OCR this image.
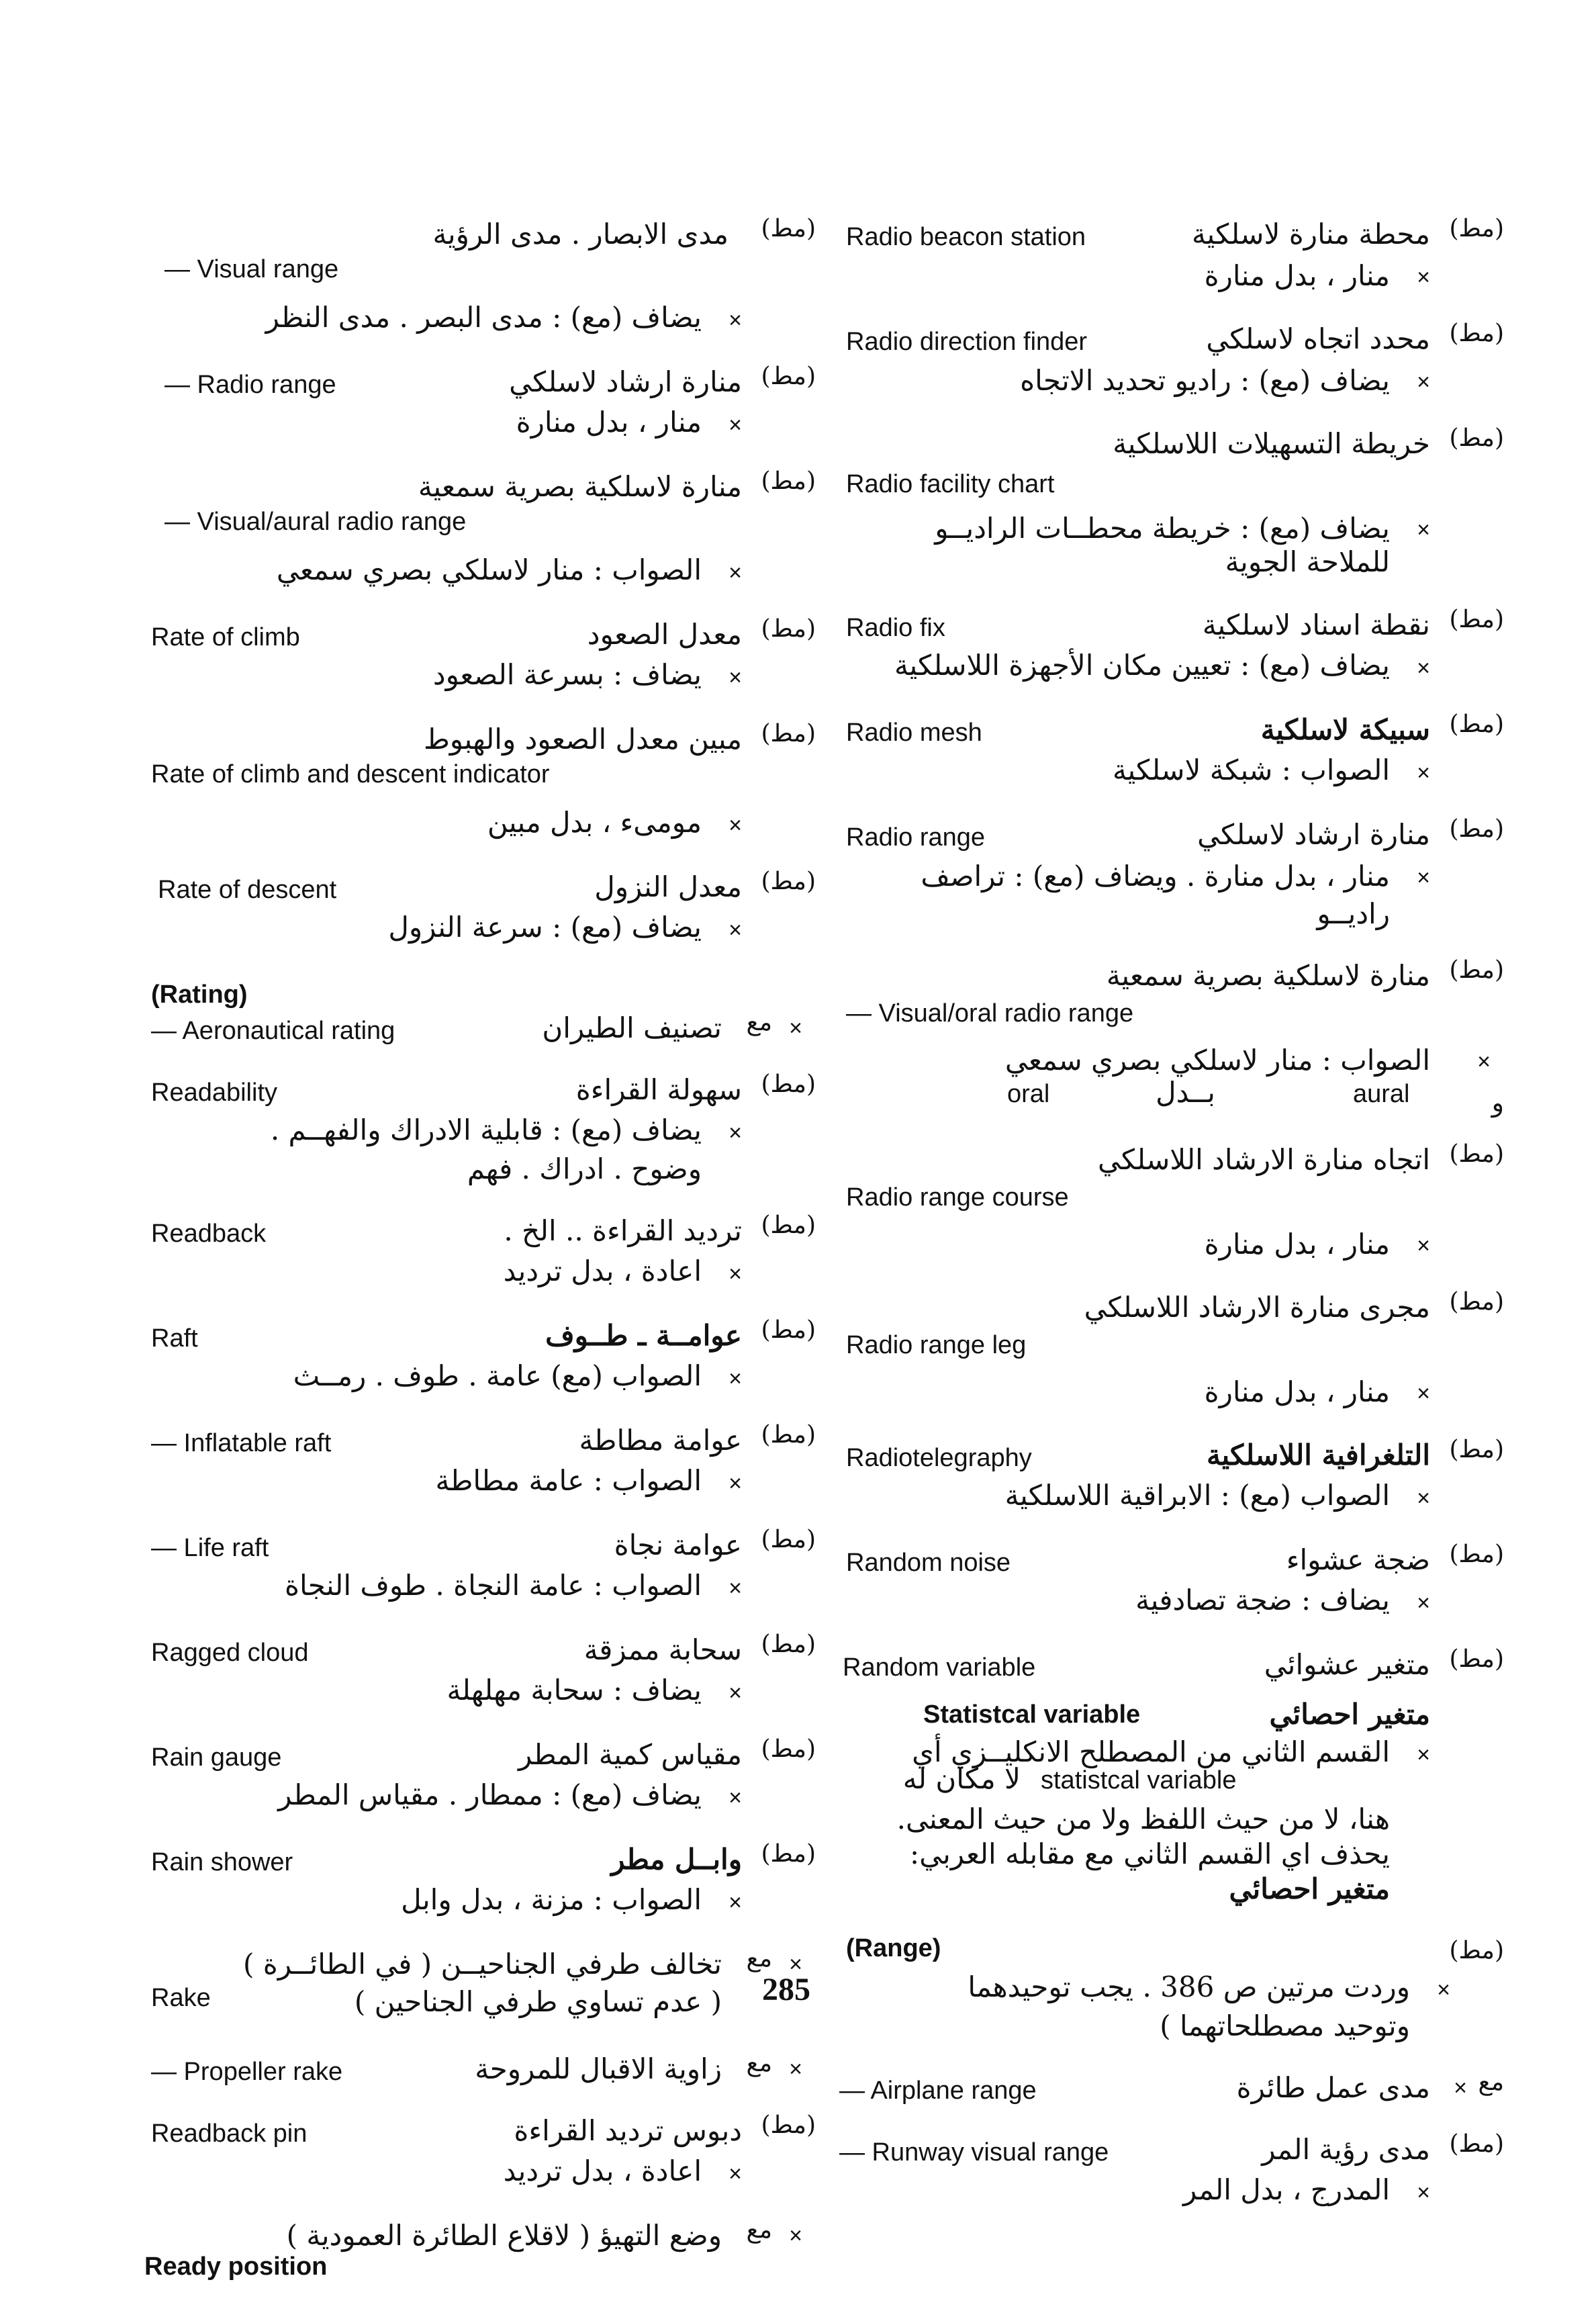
(مط)
محطة منارة لاسلكية
Radio beacon station
×
منار ، بدل منارة
(مط)
محدد اتجاه لاسلكي
Radio direction finder
×
يضاف (مع) : راديو تحديد الاتجاه
(مط)
خريطة التسهيلات اللاسلكية
Radio facility chart
×
يضاف (مع) : خريطة محطــات الراديــو
للملاحة الجوية
(مط)
نقطة اسناد لاسلكية
Radio fix
×
يضاف (مع) : تعيين مكان الأجهزة اللاسلكية
(مط)
سبيكة لاسلكية
Radio mesh
×
الصواب : شبكة لاسلكية
(مط)
منارة ارشاد لاسلكي
Radio range
×
منار ، بدل منارة . ويضاف (مع) : تراصف
راديــو
(مط)
منارة لاسلكية بصرية سمعية
— Visual/oral radio range
×
الصواب : منار لاسلكي بصري سمعي
و
aural
بــدل
oral
(مط)
اتجاه منارة الارشاد اللاسلكي
Radio range course
×
منار ، بدل منارة
(مط)
مجرى منارة الارشاد اللاسلكي
Radio range leg
×
منار ، بدل منارة
(مط)
التلغرافية اللاسلكية
Radiotelegraphy
×
الصواب (مع) : الابراقية اللاسلكية
(مط)
ضجة عشواء
Random noise
×
يضاف : ضجة تصادفية
(مط)
متغير عشوائي
Random variable
متغير احصائي
Statistcal variable
×
القسم الثاني من المصطلح الانكليــزي أي
statistcal variable
لا مكان له
هنا، لا من حيث اللفظ ولا من حيث المعنى.
يحذف اي القسم الثاني مع مقابله العربي:
متغير احصائي
(مط)
(Range)
×
وردت مرتين ص 386 . يجب توحيدهما
وتوحيد مصطلحاتهما )
مع
×
مدى عمل طائرة
— Airplane range
(مط)
مدى رؤية المر
— Runway visual range
×
المدرج ، بدل المر
(مط)
مدى الابصار . مدى الرؤية
— Visual range
×
يضاف (مع) : مدى البصر . مدى النظر
(مط)
منارة ارشاد لاسلكي
— Radio range
×
منار ، بدل منارة
(مط)
منارة لاسلكية بصرية سمعية
— Visual/aural radio range
×
الصواب : منار لاسلكي بصري سمعي
(مط)
معدل الصعود
Rate of climb
×
يضاف : بسرعة الصعود
(مط)
مبين معدل الصعود والهبوط
Rate of climb and descent indicator
×
مومىء ، بدل مبين
(مط)
معدل النزول
Rate of descent
×
يضاف (مع) : سرعة النزول
(Rating)
×
مع
تصنيف الطيران
— Aeronautical rating
(مط)
سهولة القراءة
Readability
×
يضاف (مع) : قابلية الادراك والفهــم .
وضوح . ادراك . فهم
(مط)
ترديد القراءة .. الخ .
Readback
×
اعادة ، بدل ترديد
(مط)
عوامــة ـ طــوف
Raft
×
الصواب (مع) عامة . طوف . رمــث
(مط)
عوامة مطاطة
— Inflatable raft
×
الصواب : عامة مطاطة
(مط)
عوامة نجاة
— Life raft
×
الصواب : عامة النجاة . طوف النجاة
(مط)
سحابة ممزقة
Ragged cloud
×
يضاف : سحابة مهلهلة
(مط)
مقياس كمية المطر
Rain gauge
×
يضاف (مع) : ممطار . مقياس المطر
(مط)
وابــل مطر
Rain shower
×
الصواب : مزنة ، بدل وابل
×
مع
تخالف طرفي الجناحيــن ( في الطائــرة )
Rake	( عدم تساوي طرفي الجناحين )
×
مع
زاوية الاقبال للمروحة
— Propeller rake
(مط)
دبوس ترديد القراءة
Readback pin
×
اعادة ، بدل ترديد
×
مع
وضع التهيؤ ( لاقلاع الطائرة العمودية )
Ready position
285
